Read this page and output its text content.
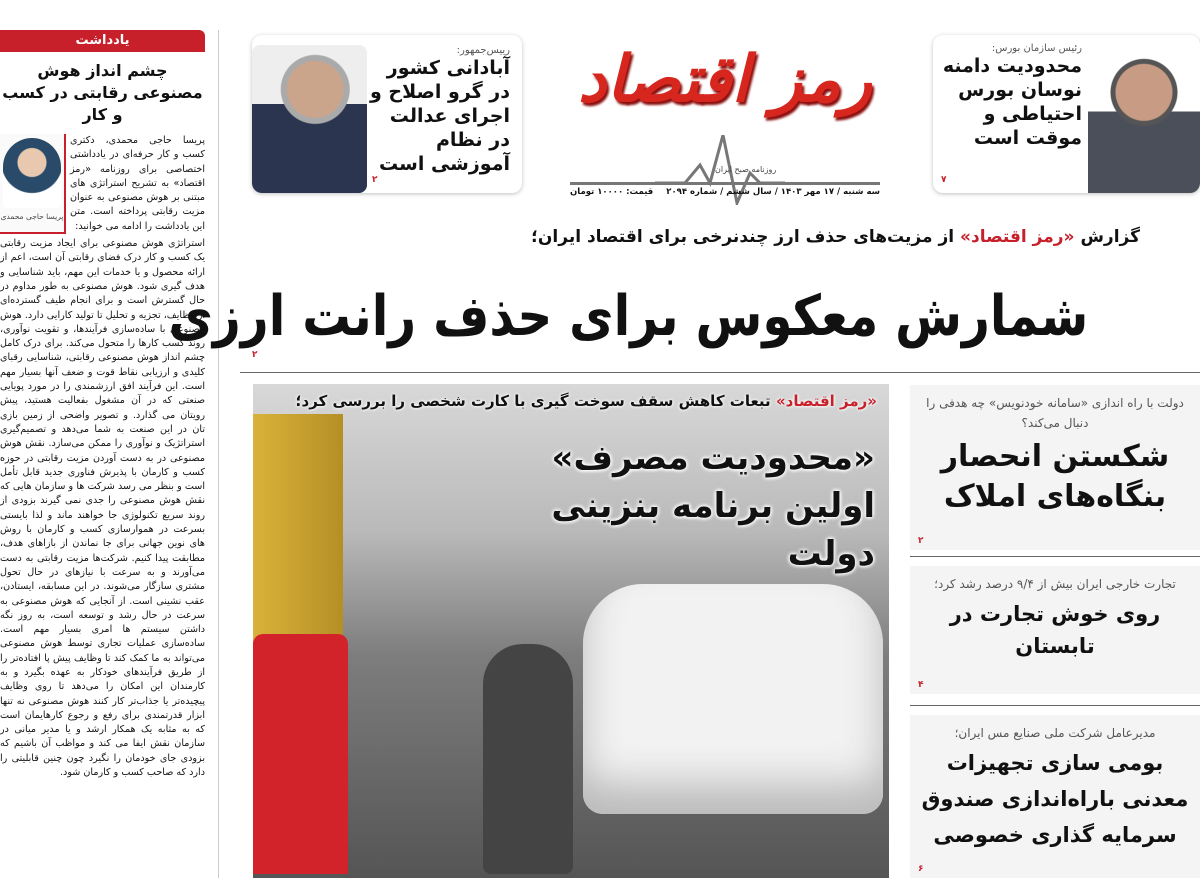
یادداشت
چشم انداز هوش مصنوعی رقابتی در کسب و کار

پریسا حاجی محمدی، دکتری کسب و کار حرفه‌ای در یادداشتی اختصاصی برای روزنامه «رمز اقتصاد» به تشریح استراتژی های مبتنی بر هوش مصنوعی به عنوان مزیت رقابتی پرداخته است. متن این یادداشت را ادامه می خوانید:

پریسا حاجی محمدی
استراتژی هوش مصنوعی برای ایجاد مزیت رقابتی یک کسب و کار درک فضای رقابتی آن است، اعم از ارائه محصول و یا خدمات این مهم، باید شناسایی و هدف گیری شود. هوش مصنوعی به طور مداوم در حال گسترش است و برای انجام طیف گسترده‌ای از وظایف، تجزیه و تحلیل تا تولید کارایی دارد. هوش مصنوعی با ساده‌سازی فرآیندها، و تقویت نوآوری، روند کسب کارها را متحول می‌کند. برای درک کامل چشم انداز هوش مصنوعی رقابتی، شناسایی رقبای کلیدی و ارزیابی نقاط قوت و ضعف آنها بسیار مهم است. این فرآیند افق ارزشمندی را در مورد پویایی صنعتی که در آن مشغول بفعالیت هستید، پیش رویتان می گذارد. و تصویر واضحی از زمین بازی تان در این صنعت به شما می‌دهد و تصمیم‌گیری استراتژیک و نوآوری را ممکن می‌سازد. نقش هوش مصنوعی در به دست آوردن مزیت رقابتی در حوزه کسب و کارمان با پذیرش فناوری جدید قابل تأمل است و بنظر می رسد شرکت ها و سازمان هایی که نقش هوش مصنوعی را جدی نمی گیرند بزودی از روند سریع تکنولوژی جا خواهند ماند و لذا بایستی بسرعت در هموارسازی کسب و کارمان با روش های نوین جهانی برای جا نماندن از بازاهای هدف، مطابقت پیدا کنیم. شرکت‌ها مزیت رقابتی به دست می‌آورند و به سرعت با نیازهای در حال تحول مشتری سازگار می‌شوند. در این مسابقه، ایستادن، عقب نشینی است. از آنجایی که هوش مصنوعی به سرعت در حال رشد و توسعه است، به روز نگه داشتن سیستم ها امری بسیار مهم است. ساده‌سازی عملیات تجاری توسط هوش مصنوعی می‌تواند به ما کمک کند تا وظایف پیش پا افتاده‌تر را از طریق فرآیندهای خودکار به عهده بگیرد و به کارمندان این امکان را می‌دهد تا روی وظایف پیچیده‌تر یا جذاب‌تر کار کنند هوش مصنوعی نه تنها ابزار قدرتمندی برای رفع و رجوع کارهایمان است که به مثابه یک همکار ارشد و یا مدیر میانی در سازمان نقش ایفا می کند و مواظب آن باشیم که بزودی جای خودمان را نگیرد چون چنین قابلیتی را دارد که صاحب کسب و کارمان شود.
رییس‌جمهور:
آبادانی کشور در گرو اصلاح و اجرای عدالت در نظام آموزشی است
۲
رمز اقتصاد
روزنامه صبح ایران
سه شنبه / ۱۷ مهر ۱۴۰۳ / سال ششم / شماره ۲۰۹۴
قیمت: ۱۰۰۰۰ تومان
رئیس سازمان بورس:
محدودیت دامنه نوسان بورس احتیاطی و موقت است
۷
گزارش «رمز اقتصاد» از مزیت‌های حذف ارز چندنرخی برای اقتصاد ایران؛
شمارش معکوس برای حذف رانت ارزی
۲
«رمز اقتصاد» تبعات کاهش سقف سوخت گیری با کارت شخصی را بررسی کرد؛
«محدودیت مصرف»
اولین برنامه بنزینی دولت
دولت با راه اندازی «سامانه خودنویس» چه هدفی را دنبال می‌کند؟
شکستن انحصار بنگاه‌های املاک
۲
تجارت خارجی ایران بیش از ۹/۴ درصد رشد کرد؛
روی خوش تجارت در تابستان
۴
مدیرعامل شرکت ملی صنایع مس ایران؛
بومی سازی تجهیزات معدنی باراه‌اندازی صندوق سرمایه گذاری خصوصی
۶
